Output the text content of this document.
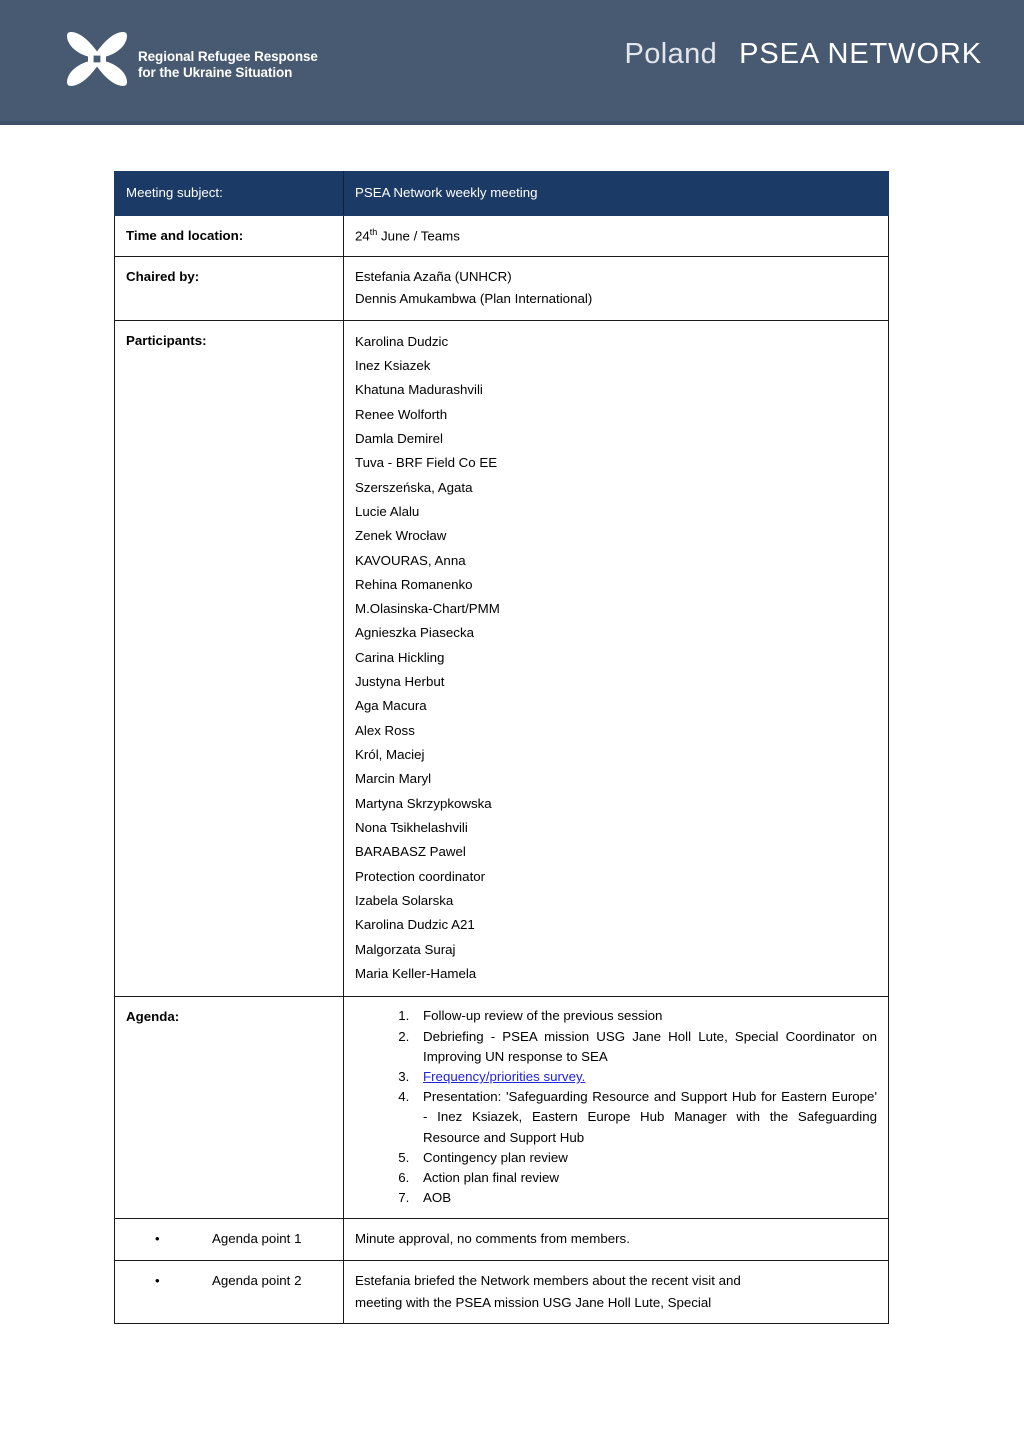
Regional Refugee Response
for the Ukraine Situation
Poland PSEA NETWORK
Meeting subject:	PSEA Network weekly meeting
Time and location:	24th June / Teams
Chaired by:	Estefania Azaña (UNHCR)
Dennis Amukambwa (Plan International)

Participants:	Karolina Dudzic
Inez Ksiazek
Khatuna Madurashvili
Renee Wolforth
Damla Demirel
Tuva - BRF Field Co EE
Szerszeńska, Agata
Lucie Alalu
Zenek Wrocław
KAVOURAS, Anna
Rehina Romanenko
M.Olasinska-Chart/PMM
Agnieszka Piasecka
Carina Hickling
Justyna Herbut
Aga Macura
Alex Ross
Król, Maciej
Marcin Maryl
Martyna Skrzypkowska
Nona Tsikhelashvili
BARABASZ Pawel
Protection coordinator
Izabela Solarska
Karolina Dudzic A21
Malgorzata Suraj
Maria Keller-Hamela

Agenda:	
1.Follow-up review of the previous session
2. Debriefing - PSEA mission USG Jane Holl Lute, Special Coordinator on Improving UN response to SEA
3. Frequency/priorities survey.
4. Presentation: 'Safeguarding Resource and Support Hub for Eastern Europe' - Inez Ksiazek, Eastern Europe Hub Manager with the Safeguarding Resource and Support Hub
5. Contingency plan review
6. Action plan final review
7. AOB

• Agenda point 1	Minute approval, no comments from members.

• Agenda point 2	Estefania briefed the Network members about the recent visit and
meeting with the PSEA mission USG Jane Holl Lute, Special
